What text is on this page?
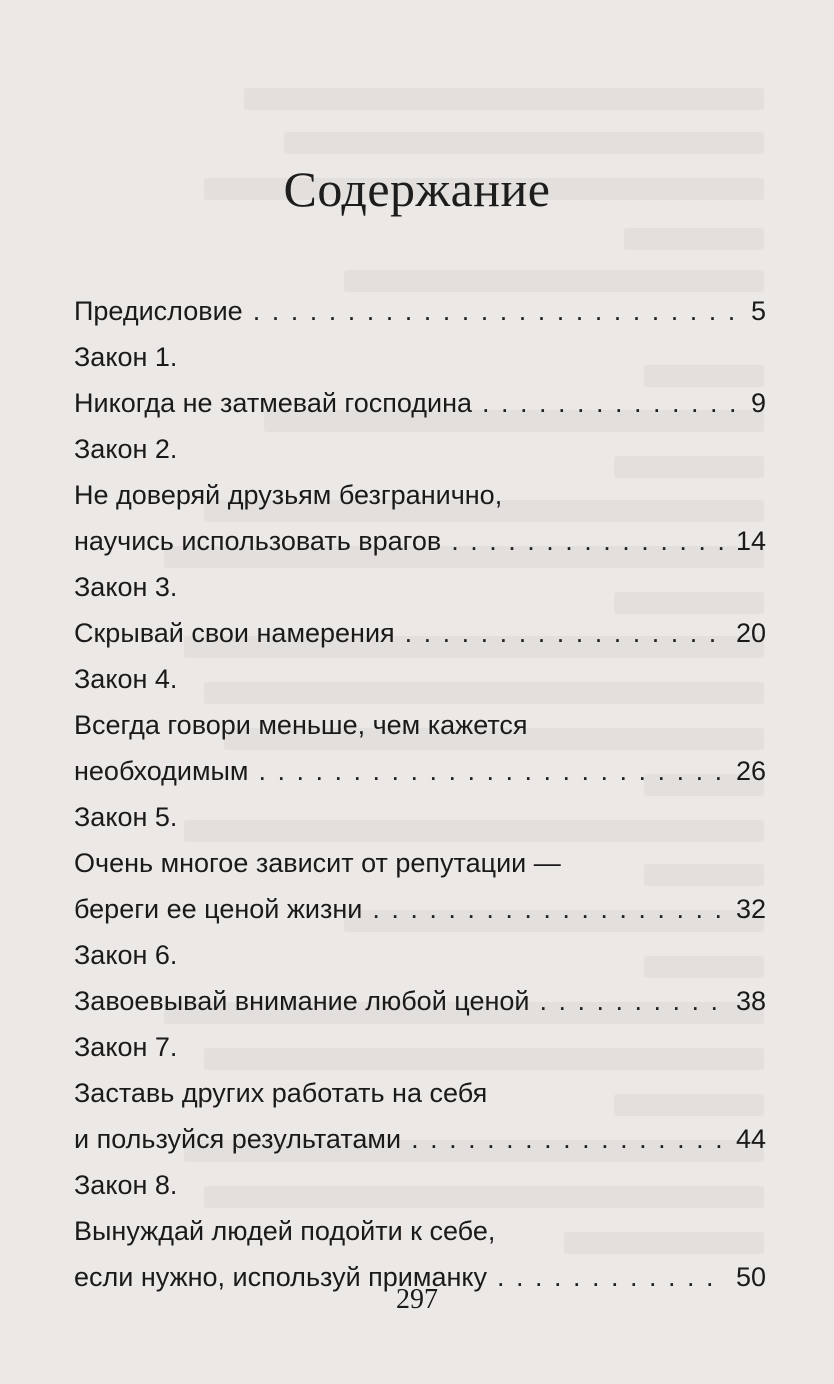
Содержание
Предисловие . . .	5
Закон 1.
Никогда не затмевай господина . . .	9
Закон 2.
Не доверяй друзьям безгранично,
научись использовать врагов . . .	14
Закон 3.
Скрывай свои намерения . . .	20
Закон 4.
Всегда говори меньше, чем кажется
необходимым . . .	26
Закон 5.
Очень многое зависит от репутации —
береги ее ценой жизни . . .	32
Закон 6.
Завоевывай внимание любой ценой . . .	38
Закон 7.
Заставь других работать на себя
и пользуйся результатами . . .	44
Закон 8.
Вынуждай людей подойти к себе,
если нужно, используй приманку . . .	50
297
